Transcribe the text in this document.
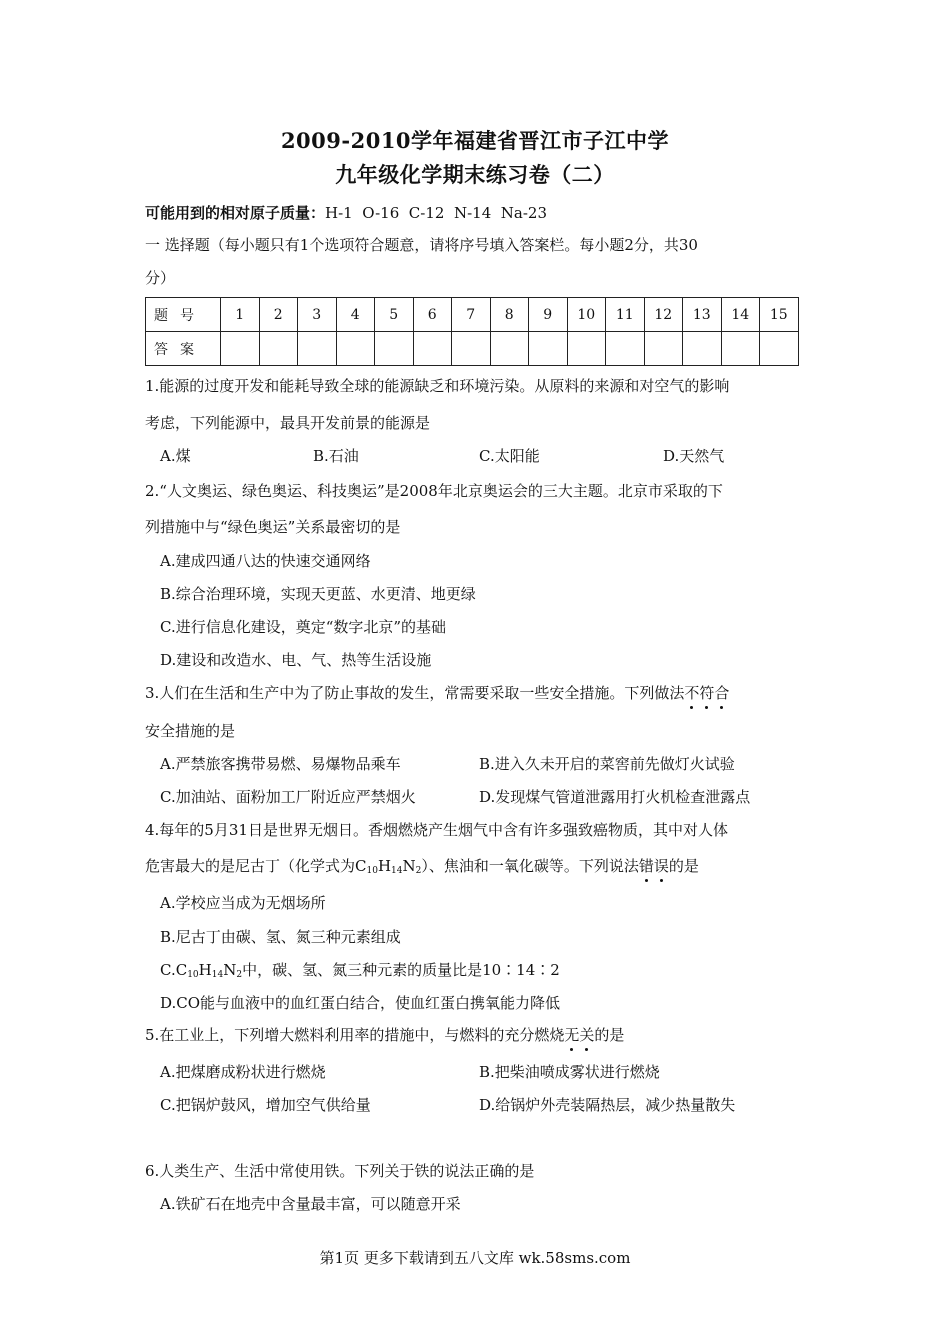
2009-2010学年福建省晋江市子江中学
九年级化学期末练习卷（二）
可能用到的相对原子质量：H-1  O-16  C-12  N-14  Na-23
一 选择题（每小题只有1个选项符合题意，请将序号填入答案栏。每小题2分，共30
分）
题号	1	2	3	4	5	6	7	8	9	10	11	12	13	14	15
答案															
1.能源的过度开发和能耗导致全球的能源缺乏和环境污染。从原料的来源和对空气的影响
考虑，下列能源中，最具开发前景的能源是
A.煤	B.石油	C.太阳能	D.天然气
2.“人文奥运、绿色奥运、科技奥运”是2008年北京奥运会的三大主题。北京市采取的下
列措施中与“绿色奥运”关系最密切的是
A.建成四通八达的快速交通网络
B.综合治理环境，实现天更蓝、水更清、地更绿
C.进行信息化建设，奠定“数字北京”的基础
D.建设和改造水、电、气、热等生活设施
3.人们在生活和生产中为了防止事故的发生，常需要采取一些安全措施。下列做法不符合
安全措施的是
A.严禁旅客携带易燃、易爆物品乘车	B.进入久未开启的菜窖前先做灯火试验
C.加油站、面粉加工厂附近应严禁烟火	D.发现煤气管道泄露用打火机检查泄露点
4.每年的5月31日是世界无烟日。香烟燃烧产生烟气中含有许多强致癌物质，其中对人体
危害最大的是尼古丁（化学式为$C_{10}H_{14}N_2$）、焦油和一氧化碳等。下列说法错误的是
A.学校应当成为无烟场所
B.尼古丁由碳、氢、氮三种元素组成
$C.C_{10}H_{14}N_2$中，碳、氢、氮三种元素的质量比是10∶14∶2
D.CO能与血液中的血红蛋白结合，使血红蛋白携氧能力降低
5.在工业上，下列增大燃料利用率的措施中，与燃料的充分燃烧无关的是
A.把煤磨成粉状进行燃烧	B.把柴油喷成雾状进行燃烧
C.把锅炉鼓风，增加空气供给量	D.给锅炉外壳装隔热层，减少热量散失
6.人类生产、生活中常使用铁。下列关于铁的说法正确的是
A.铁矿石在地壳中含量最丰富，可以随意开采
第1页 更多下载请到五八文库 wk.58sms.com
